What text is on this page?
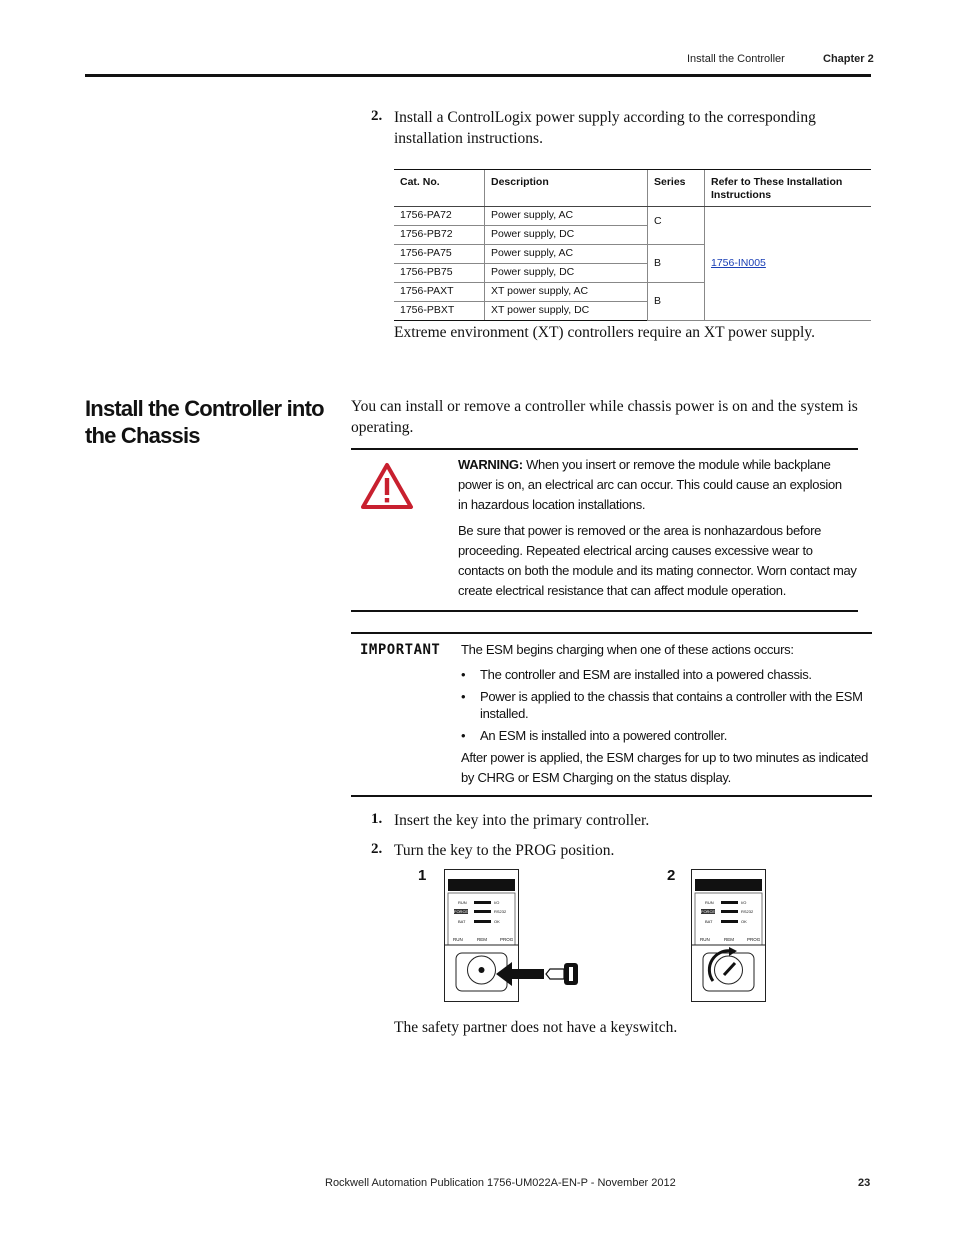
Install the Controller	Chapter 2
2. Install a ControlLogix power supply according to the corresponding
installation instructions.
Cat. No.	Description	Series	Refer to These Installation Instructions
1756-PA72	Power supply, AC	C	1756-IN005
1756-PB72	Power supply, DC		
1756-PA75	Power supply, AC	B	
1756-PB75	Power supply, DC		
1756-PAXT	XT power supply, AC	B	
1756-PBXT	XT power supply, DC		
Extreme environment (XT) controllers require an XT power supply.
Install the Controller into the Chassis
You can install or remove a controller while chassis power is on and the system is operating.
WARNING: When you insert or remove the module while backplane power is on, an electrical arc can occur. This could cause an explosion in hazardous location installations.
Be sure that power is removed or the area is nonhazardous before proceeding. Repeated electrical arcing causes excessive wear to contacts on both the module and its mating connector. Worn contact may create electrical resistance that can affect module operation.
IMPORTANT The ESM begins charging when one of these actions occurs:
• The controller and ESM are installed into a powered chassis.
• Power is applied to the chassis that contains a controller with the ESM installed.
• An ESM is installed into a powered controller.
After power is applied, the ESM charges for up to two minutes as indicated by CHRG or ESM Charging on the status display.
1. Insert the key into the primary controller.
2. Turn the key to the PROG position.
1	2
RUN
FORCE
BAT
I/O
RS232
OK
RUN	REM	PROG
RUN
FORCE
BAT
I/O
RS232
OK
RUN	REM	PROG
The safety partner does not have a keyswitch.
Rockwell Automation Publication 1756-UM022A-EN-P - November 2012	23
